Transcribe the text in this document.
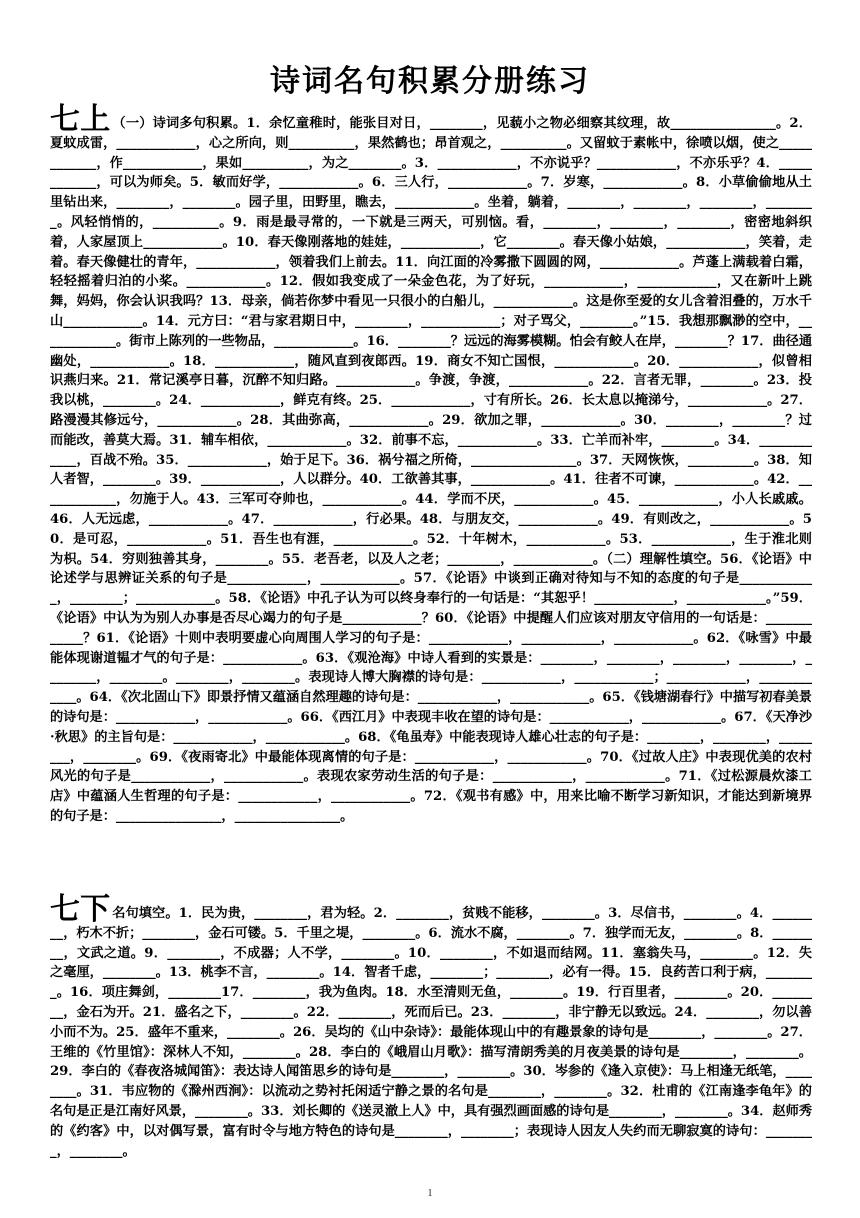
诗词名句积累分册练习
七上 （一）诗词多句积累。1．余忆童稚时，能张目对日，________，见藐小之物必细察其纹理，故________________。2．夏蚊成雷，____________，心之所向，则__________，果然鹤也；昂首观之，__________。又留蚊于素帐中，徐喷以烟，使之____________，作____________，果如__________，为之________。3．____________，不亦说乎？____________，不亦乐乎？4．____________，可以为师矣。5．敏而好学，____________。6．三人行，____________。7．岁寒，____________。8．小草偷偷地从土里钻出来，________，________。园子里，田野里，瞧去，____________。坐着，躺着，________，________，________，________。风轻悄悄的，__________。9．雨是最寻常的，一下就是三两天，可别恼。看，________，________，________，密密地斜织着，人家屋顶上____________。10．春天像刚落地的娃娃，____________，它________。春天像小姑娘，____________，笑着，走着。春天像健壮的青年，____________，领着我们上前去。11．向江面的冷雾撒下圆圆的网，____________。芦蓬上满载着白霜，轻轻摇着归泊的小桨。____________。12．假如我变成了一朵金色花，为了好玩，____________，____________，又在新叶上跳舞，妈妈，你会认识我吗？13．母亲，倘若你梦中看见一只很小的白船儿，____________。这是你至爱的女儿含着泪叠的，万水千山____________。14．元方曰：“君与家君期日中，________，____________；对子骂父，________。”15．我想那飘渺的空中，____________。街市上陈列的一些物品，____________。16．________？远远的海雾模糊。怕会有鲛人在岸，________？17．曲径通幽处，____________。18．____________，随风直到夜郎西。19．商女不知亡国恨，____________。20．____________，似曾相识燕归来。21．常记溪亭日暮，沉醉不知归路。____________。争渡，争渡，____________。22．言者无罪，________。23．投我以桃，________。24．____________，鲜克有终。25．____________，寸有所长。26．长太息以掩涕兮，____________。27．路漫漫其修远兮，____________。28．其曲弥高，____________。29．欲加之罪，____________。30．________，________？过而能改，善莫大焉。31．辅车相依，____________。32．前事不忘，____________。33．亡羊而补牢，________。34．____________，百战不殆。35．____________，始于足下。36．祸兮福之所倚，________________。37．天网恢恢，__________。38．知人者智，________。39．____________，人以群分。40．工欲善其事，____________。41．往者不可谏，____________。42．____________，勿施于人。43．三军可夺帅也，____________。44．学而不厌，____________。45．____________，小人长戚戚。46．人无远虑，____________。47．____________，行必果。48．与朋友交，____________。49．有则改之，____________。50．是可忍，____________。51．吾生也有涯，____________。52．十年树木，____________。53．____________，生于淮北则为枳。54．穷则独善其身，________。55．老吾老，以及人之老；________，____________。（二）理解性填空。56．《论语》中论述学与思辨证关系的句子是____________，____________。57．《论语》中谈到正确对待知与不知的态度的句子是____________，________；____________。58．《论语》中孔子认为可以终身奉行的一句话是：“其恕乎！____________，____________。”59．《论语》中认为为别人办事是否尽心竭力的句子是____________？60．《论语》中提醒人们应该对朋友守信用的一句话是：____________？61．《论语》十则中表明要虚心向周围人学习的句子是：____________，____________，____________。62．《咏雪》中最能体现谢道韫才气的句子是：____________。63．《观沧海》中诗人看到的实景是：________，________，________，________，________，________。________，________。表现诗人博大胸襟的诗句是：____________，____________；____________，____________。64．《次北固山下》即景抒情又蕴涵自然理趣的诗句是：____________，____________。65．《钱塘湖春行》中描写初春美景的诗句是：____________，____________。66．《西江月》中表现丰收在望的诗句是：____________，____________。67．《天净沙·秋思》的主旨句是：____________，____________。68．《龟虽寿》中能表现诗人雄心壮志的句子是：________，________，________，________。69．《夜雨寄北》中最能体现离情的句子是：____________，____________。70．《过故人庄》中表现优美的农村风光的句子是____________，____________。表现农家劳动生活的句子是：____________，____________。71．《过松源晨炊漆工店》中蕴涵人生哲理的句子是：____________，____________。72．《观书有感》中，用来比喻不断学习新知识，才能达到新境界的句子是：________________，________________。
七下 名句填空。1．民为贵，________，君为轻。2．________，贫贱不能移，________。3．尽信书，________。4．________，朽木不折；________，金石可镂。5．千里之堤，________。6．流水不腐，________。7．独学而无友，________。8．________，文武之道。9．________，不成器；人不学，________。10．________，不如退而结网。11．塞翁失马，________。12．失之毫厘，________。13．桃李不言，________。14．智者千虑，________；________，必有一得。15．良药苦口利于病，________。16．项庄舞剑，________17．________，我为鱼肉。18．水至清则无鱼，________。19．行百里者，________。20．________，金石为开。21．盛名之下，________。22．________，死而后已。23．________，非宁静无以致远。24．________，勿以善小而不为。25．盛年不重来，________。26．吴均的《山中杂诗》：最能体现山中的有趣景象的诗句是________，________。27．王维的《竹里馆》：深林人不知，________。28．李白的《峨眉山月歌》：描写清朗秀美的月夜美景的诗句是________，________。29．李白的《春夜洛城闻笛》：表达诗人闻笛思乡的诗句是________，________。30．岑参的《逢入京使》：马上相逢无纸笔，________。31．韦应物的《滁州西涧》：以流动之势衬托闲适宁静之景的名句是________，________。32．杜甫的《江南逢李龟年》的名句是正是江南好风景，________。33．刘长卿的《送灵澈上人》中，具有强烈画面感的诗句是________，________。34．赵师秀的《约客》中，以对偶写景，富有时令与地方特色的诗句是________，________；表现诗人因友人失约而无聊寂寞的诗句：________，________。
1
